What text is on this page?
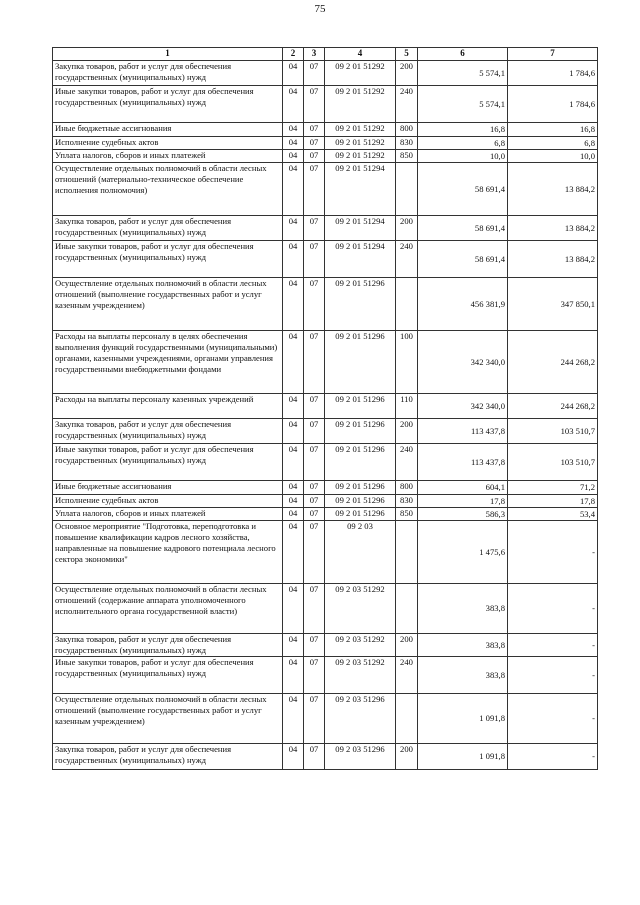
75
1	2	3	4	5	6	7
Закупка товаров, работ и услуг для обеспечения государственных (муниципальных) нужд	04	07	09 2 01 51292	200	5 574,1	1 784,6
Иные закупки товаров, работ и услуг для обеспечения государственных (муниципальных) нужд	04	07	09 2 01 51292	240	5 574,1	1 784,6
Иные бюджетные ассигнования	04	07	09 2 01 51292	800	16,8	16,8
Исполнение судебных актов	04	07	09 2 01 51292	830	6,8	6,8
Уплата налогов, сборов и иных платежей	04	07	09 2 01 51292	850	10,0	10,0
Осуществление отдельных полномочий в области лесных отношений (материально-техническое обеспечение исполнения полномочия)	04	07	09 2 01 51294		58 691,4	13 884,2
Закупка товаров, работ и услуг для обеспечения государственных (муниципальных) нужд	04	07	09 2 01 51294	200	58 691,4	13 884,2
Иные закупки товаров, работ и услуг для обеспечения государственных (муниципальных) нужд	04	07	09 2 01 51294	240	58 691,4	13 884,2
Осуществление отдельных полномочий в области лесных отношений (выполнение государственных работ и услуг казенным учреждением)	04	07	09 2 01 51296		456 381,9	347 850,1
Расходы на выплаты персоналу в целях обеспечения выполнения функций государственными (муниципальными) органами, казенными учреждениями, органами управления государственными внебюджетными фондами	04	07	09 2 01 51296	100	342 340,0	244 268,2
Расходы на выплаты персоналу казенных учреждений	04	07	09 2 01 51296	110	342 340,0	244 268,2
Закупка товаров, работ и услуг для обеспечения государственных (муниципальных) нужд	04	07	09 2 01 51296	200	113 437,8	103 510,7
Иные закупки товаров, работ и услуг для обеспечения государственных (муниципальных) нужд	04	07	09 2 01 51296	240	113 437,8	103 510,7
Иные бюджетные ассигнования	04	07	09 2 01 51296	800	604,1	71,2
Исполнение судебных актов	04	07	09 2 01 51296	830	17,8	17,8
Уплата налогов, сборов и иных платежей	04	07	09 2 01 51296	850	586,3	53,4
Основное мероприятие "Подготовка, переподготовка и повышение квалификации кадров лесного хозяйства, направленные на повышение кадрового потенциала лесного сектора экономики"	04	07	09 2 03		1 475,6	-
Осуществление отдельных полномочий в области лесных отношений (содержание аппарата уполномоченного исполнительного органа государственной власти)	04	07	09 2 03 51292		383,8	-
Закупка товаров, работ и услуг для обеспечения государственных (муниципальных) нужд	04	07	09 2 03 51292	200	383,8	-
Иные закупки товаров, работ и услуг для обеспечения государственных (муниципальных) нужд	04	07	09 2 03 51292	240	383,8	-
Осуществление отдельных полномочий в области лесных отношений (выполнение государственных работ и услуг казенным учреждением)	04	07	09 2 03 51296		1 091,8	-
Закупка товаров, работ и услуг для обеспечения государственных (муниципальных) нужд	04	07	09 2 03 51296	200	1 091,8	-
